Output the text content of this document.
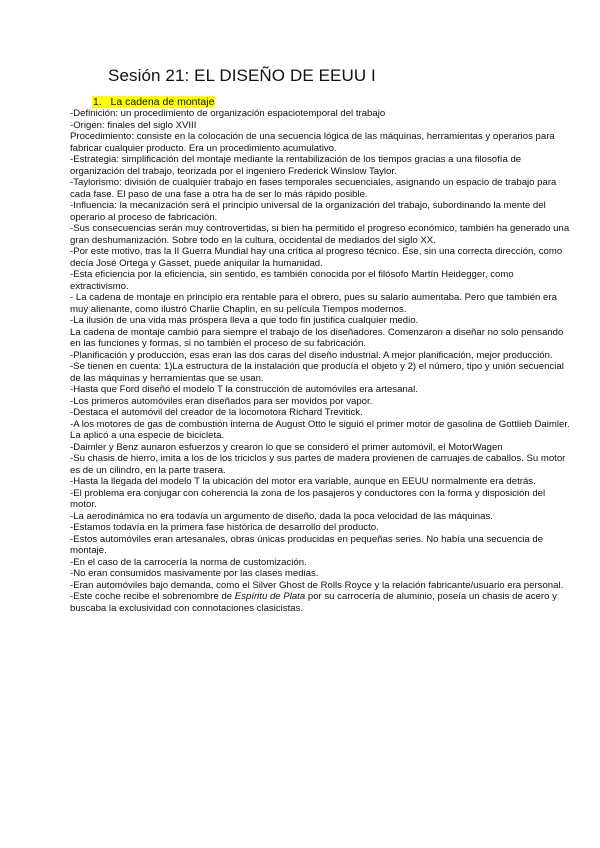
Sesión 21: EL DISEÑO DE EEUU I
1. La cadena de montaje

-Definición: un procedimiento de organización espaciotemporal del trabajo

-Origen: finales del siglo XVIII

Procedimiento: consiste en la colocación de una secuencia lógica de las máquinas, herramientas y operarios para fabricar cualquier producto. Era un procedimiento acumulativo.

-Estrategia: simplificación del montaje mediante la rentabilización de los tiempos gracias a una filosofía de organización del trabajo, teorizada por el ingeniero Frederick Winslow Taylor.

-Taylorismo: división de cualquier trabajo en fases temporales secuenciales, asignando un espacio de trabajo para cada fase. El paso de una fase a otra ha de ser lo más rápido posible.

-Influencia: la mecanización será el principio universal de la organización del trabajo, subordinando la mente del operario al proceso de fabricación.

-Sus consecuencias serán muy controvertidas, si bien ha permitido el progreso económico, también ha generado una gran deshumanización. Sobre todo en la cultura, occidental de mediados del siglo XX.

-Por este motivo, tras la II Guerra Mundial hay una crítica al progreso técnico. Ese, sin una correcta dirección, como decía José Ortega y Gasset, puede aniquilar la humanidad.

-Esta eficiencia por la eficiencia, sin sentido, es también conocida por el filósofo Martín Heidegger, como extractivismo.

- La cadena de montaje en principio era rentable para el obrero, pues su salario aumentaba. Pero que también era muy alienante, como ilustró Charlie Chaplin, en su película Tiempos modernos.

-La ilusión de una vida más próspera lleva a que todo fin justifica cualquier medio.

La cadena de montaje cambió para siempre el trabajo de los diseñadores. Comenzaron a diseñar no solo pensando en las funciones y formas, si no también el proceso de su fabricación.

-Planificación y producción, esas eran las dos caras del diseño industrial. A mejor planificación, mejor producción.

-Se tienen en cuenta: 1)La estructura de la instalación que producía el objeto y 2) el número, tipo y unión secuencial de las máquinas y herramientas que se usan.

-Hasta que Ford diseñó el modelo T la construcción de automóviles era artesanal.

-Los primeros automóviles eran diseñados para ser movidos por vapor.

-Destaca el automóvil del creador de la locomotora Richard Trevitick.

-A los motores de gas de combustión interna de August Otto le siguió el primer motor de gasolina de Gottlieb Daimler.

La aplicó a una especie de bicicleta.

-Daimler y Benz aunaron esfuerzos y crearon lo que se consideró el primer automóvil, el MotorWagen

-Su chasis de hierro, imita a los de los triciclos y sus partes de madera provienen de carruajes de caballos. Su motor es de un cilindro, en la parte trasera.

-Hasta la llegada del modelo T la ubicación del motor era variable, aunque en EEUU normalmente era detrás.

-El problema era conjugar con coherencia la zona de los pasajeros y conductores con la forma y disposición del motor.

-La aerodinámica no era todavía un argumento de diseño, dada la poca velocidad de las máquinas.

-Estamos todavía en la primera fase histórica de desarrollo del producto.

-Estos automóviles eran artesanales, obras únicas producidas en pequeñas series. No había una secuencia de montaje.

-En el caso de la carrocería la norma de customización.

-No eran consumidos masivamente por las clases medias.

-Eran automóviles bajo demanda, como el Silver Ghost de Rolls Royce y la relación fabricante/usuario era personal.

-Este coche recibe el sobrenombre de Espíritu de Plata por su carrocería de aluminio, poseía un chasis de acero y buscaba la exclusividad con connotaciones clasicistas.
